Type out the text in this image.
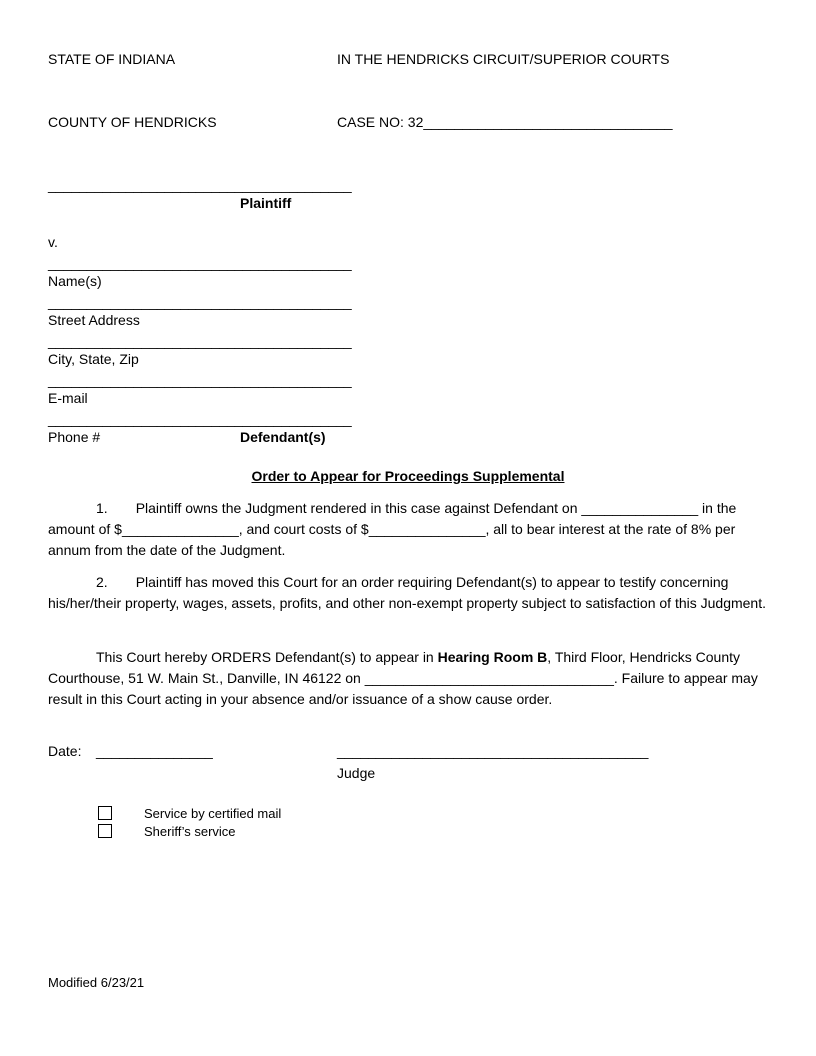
STATE OF INDIANA	IN THE HENDRICKS CIRCUIT/SUPERIOR COURTS
COUNTY OF HENDRICKS	CASE NO: 32________________________________
_______________________________________
Plaintiff
v.
_______________________________________
Name(s)
_______________________________________
Street Address
_______________________________________
City, State, Zip
_______________________________________
E-mail
_______________________________________
Phone #	Defendant(s)
Order to Appear for Proceedings Supplemental
1. Plaintiff owns the Judgment rendered in this case against Defendant on _______________ in the amount of $_______________, and court costs of $_______________, all to bear interest at the rate of 8% per annum from the date of the Judgment.
2. Plaintiff has moved this Court for an order requiring Defendant(s) to appear to testify concerning his/her/their property, wages, assets, profits, and other non-exempt property subject to satisfaction of this Judgment.
This Court hereby ORDERS Defendant(s) to appear in Hearing Room B, Third Floor, Hendricks County Courthouse, 51 W. Main St., Danville, IN 46122 on ________________________________. Failure to appear may result in this Court acting in your absence and/or issuance of a show cause order.
Date: _______________	________________________________________
Judge
Service by certified mail
Sheriff’s service
Modified 6/23/21
